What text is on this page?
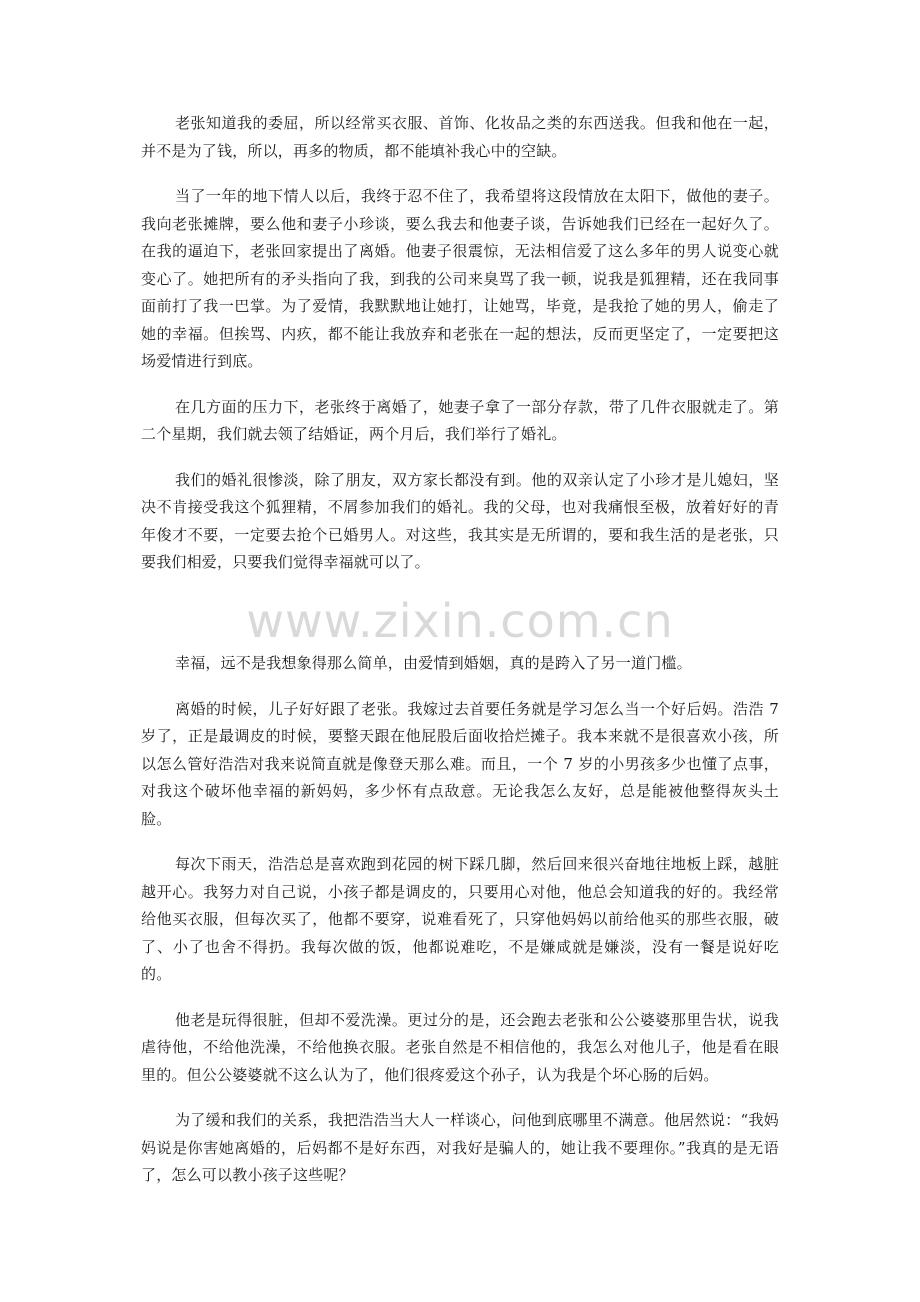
老张知道我的委屈，所以经常买衣服、首饰、化妆品之类的东西送我。但我和他在一起，并不是为了钱，所以，再多的物质，都不能填补我心中的空缺。

当了一年的地下情人以后，我终于忍不住了，我希望将这段情放在太阳下，做他的妻子。我向老张摊牌，要么他和妻子小珍谈，要么我去和他妻子谈，告诉她我们已经在一起好久了。在我的逼迫下，老张回家提出了离婚。他妻子很震惊，无法相信爱了这么多年的男人说变心就变心了。她把所有的矛头指向了我，到我的公司来臭骂了我一顿，说我是狐狸精，还在我同事面前打了我一巴掌。为了爱情，我默默地让她打，让她骂，毕竟，是我抢了她的男人，偷走了她的幸福。但挨骂、内疚，都不能让我放弃和老张在一起的想法，反而更坚定了，一定要把这场爱情进行到底。

在几方面的压力下，老张终于离婚了，她妻子拿了一部分存款，带了几件衣服就走了。第二个星期，我们就去领了结婚证，两个月后，我们举行了婚礼。

我们的婚礼很惨淡，除了朋友，双方家长都没有到。他的双亲认定了小珍才是儿媳妇，坚决不肯接受我这个狐狸精，不屑参加我们的婚礼。我的父母，也对我痛恨至极，放着好好的青年俊才不要，一定要去抢个已婚男人。对这些，我其实是无所谓的，要和我生活的是老张，只要我们相爱，只要我们觉得幸福就可以了。

www.zixin.com.cn

幸福，远不是我想象得那么简单，由爱情到婚姻，真的是跨入了另一道门槛。

离婚的时候，儿子好好跟了老张。我嫁过去首要任务就是学习怎么当一个好后妈。浩浩 7 岁了，正是最调皮的时候，要整天跟在他屁股后面收拾烂摊子。我本来就不是很喜欢小孩，所以怎么管好浩浩对我来说简直就是像登天那么难。而且，一个 7 岁的小男孩多少也懂了点事，对我这个破坏他幸福的新妈妈，多少怀有点敌意。无论我怎么友好，总是能被他整得灰头土脸。

每次下雨天，浩浩总是喜欢跑到花园的树下踩几脚，然后回来很兴奋地往地板上踩，越脏越开心。我努力对自己说，小孩子都是调皮的，只要用心对他，他总会知道我的好的。我经常给他买衣服，但每次买了，他都不要穿，说难看死了，只穿他妈妈以前给他买的那些衣服，破了、小了也舍不得扔。我每次做的饭，他都说难吃，不是嫌咸就是嫌淡，没有一餐是说好吃的。

他老是玩得很脏，但却不爱洗澡。更过分的是，还会跑去老张和公公婆婆那里告状，说我虐待他，不给他洗澡，不给他换衣服。老张自然是不相信他的，我怎么对他儿子，他是看在眼里的。但公公婆婆就不这么认为了，他们很疼爱这个孙子，认为我是个坏心肠的后妈。

为了缓和我们的关系，我把浩浩当大人一样谈心，问他到底哪里不满意。他居然说：“我妈妈说是你害她离婚的，后妈都不是好东西，对我好是骗人的，她让我不要理你。”我真的是无语了，怎么可以教小孩子这些呢？
